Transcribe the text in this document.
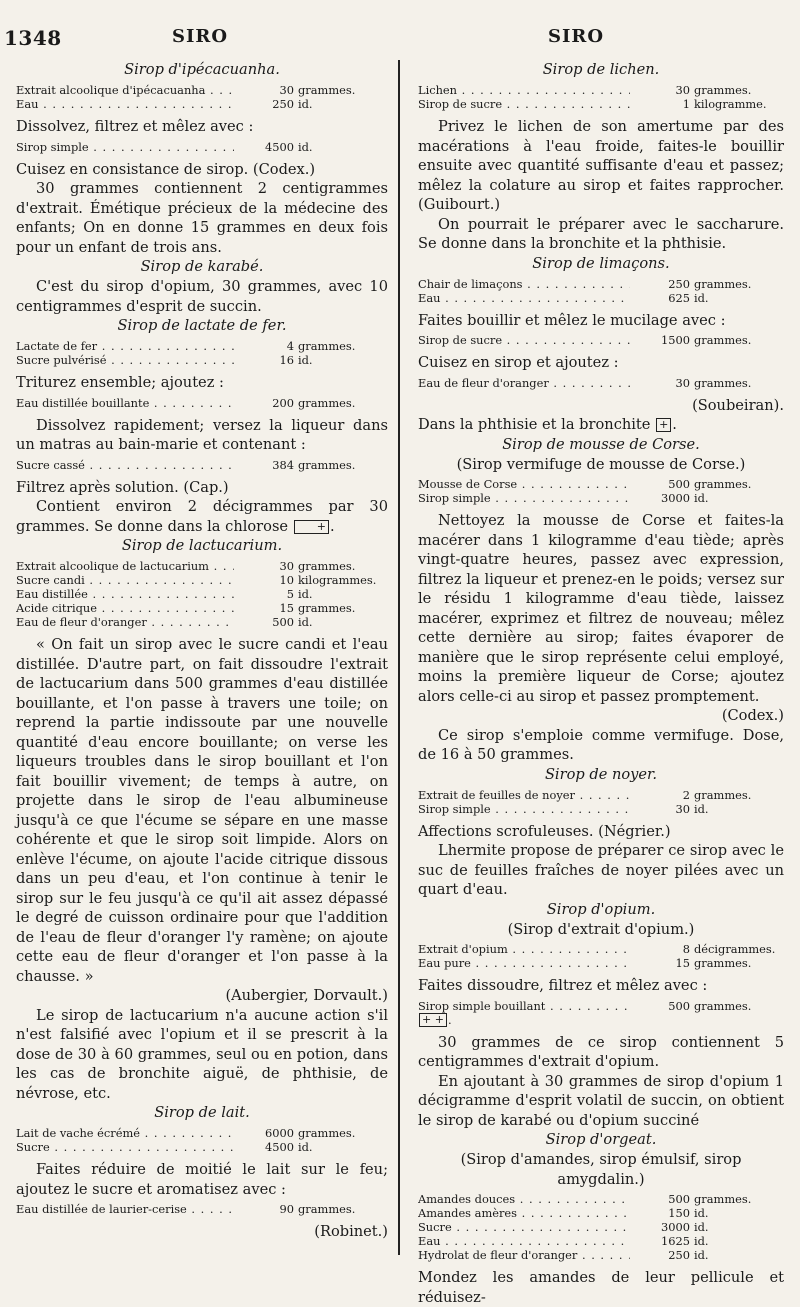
1348	SIRO	SIRO
Sirop d'ipécacuanha.
Extrait alcoolique d'ipécacuanha . . .	30 grammes.
Eau . . .	250 id.

Dissolvez, filtrez et mêlez avec :

Sirop simple . . .	4500 id.

Cuisez en consistance de sirop. (Codex.)

30 grammes contiennent 2 centigrammes d'extrait. Émétique précieux de la médecine des enfants; On en donne 15 grammes en deux fois pour un enfant de trois ans.

Sirop de karabé.

C'est du sirop d'opium, 30 grammes, avec 10 centigrammes d'esprit de succin.

Sirop de lactate de fer.
Lactate de fer . . .	4 grammes.
Sucre pulvérisé . . .	16 id.

Triturez ensemble; ajoutez :

Eau distillée bouillante . . .	200 grammes.

Dissolvez rapidement; versez la liqueur dans un matras au bain-marie et contenant :

Sucre cassé . . .	384 grammes.

Filtrez après solution. (Cap.)

Contient environ 2 décigrammes par 30 grammes. Se donne dans la chlorose	+ .

Sirop de lactucarium.
Extrait alcoolique de lactucarium . . .	30 grammes.
Sucre candi . . .	10 kilogrammes.
Eau distillée . . .	5 id.
Acide citrique . . .	15 grammes.
Eau de fleur d'oranger . . .	500 id.

« On fait un sirop avec le sucre candi et l'eau distillée. D'autre part, on fait dissoudre l'extrait de lactucarium dans 500 grammes d'eau distillée bouillante, et l'on passe à travers une toile; on reprend la partie indissoute par une nouvelle quantité d'eau encore bouillante; on verse les liqueurs troubles dans le sirop bouillant et l'on fait bouillir vivement; de temps à autre, on projette dans le sirop de l'eau albumineuse jusqu'à ce que l'écume se sépare en une masse cohérente et que le sirop soit limpide. Alors on enlève l'écume, on ajoute l'acide citrique dissous dans un peu d'eau, et l'on continue à tenir le sirop sur le feu jusqu'à ce qu'il ait assez dépassé le degré de cuisson ordinaire pour que l'addition de l'eau de fleur d'oranger l'y ramène; on ajoute cette eau de fleur d'oranger et l'on passe à la chausse. »

(Aubergier, Dorvault.)

Le sirop de lactucarium n'a aucune action s'il n'est falsifié avec l'opium et il se prescrit à la dose de 30 à 60 grammes, seul ou en potion, dans les cas de bronchite aiguë, de phthisie, de névrose, etc.

Sirop de lait.
Lait de vache écrémé . . .	6000 grammes.
Sucre . . .	4500 id.

Faites réduire de moitié le lait sur le feu; ajoutez le sucre et aromatisez avec :

Eau distillée de laurier-cerise . . .	90 grammes.
(Robinet.)
Sirop de lichen.
Lichen . . .	30 grammes.
Sirop de sucre . . .	1 kilogramme.

Privez le lichen de son amertume par des macérations à l'eau froide, faites-le bouillir ensuite avec quantité suffisante d'eau et passez; mêlez la colature au sirop et faites rapprocher. (Guibourt.)

On pourrait le préparer avec le saccharure. Se donne dans la bronchite et la phthisie.

Sirop de limaçons.
Chair de limaçons . . .	250 grammes.
Eau . . .	625 id.

Faites bouillir et mêlez le mucilage avec :

Sirop de sucre . . .	1500 grammes.

Cuisez en sirop et ajoutez :

Eau de fleur d'oranger . . .	30 grammes.
(Soubeiran).

Dans la phthisie et la bronchite + .

Sirop de mousse de Corse.
(Sirop vermifuge de mousse de Corse.)
Mousse de Corse . . .	500 grammes.
Sirop simple . . .	3000 id.

Nettoyez la mousse de Corse et faites-la macérer dans 1 kilogramme d'eau tiède; après vingt-quatre heures, passez avec expression, filtrez la liqueur et prenez-en le poids; versez sur le résidu 1 kilogramme d'eau tiède, laissez macérer, exprimez et filtrez de nouveau; mêlez cette dernière au sirop; faites évaporer de manière que le sirop représente celui employé, moins la première liqueur de Corse; ajoutez alors celle-ci au sirop et passez promptement.

(Codex.)

Ce sirop s'emploie comme vermifuge. Dose, de 16 à 50 grammes.

Sirop de noyer.
Extrait de feuilles de noyer . . .	2 grammes.
Sirop simple . . .	30 id.

Affections scrofuleuses. (Négrier.)

Lhermite propose de préparer ce sirop avec le suc de feuilles fraîches de noyer pilées avec un quart d'eau.

Sirop d'opium.
(Sirop d'extrait d'opium.)
Extrait d'opium . . .	8 décigrammes.
Eau pure . . .	15 grammes.

Faites dissoudre, filtrez et mêlez avec :

Sirop simple bouillant . . .	500 grammes.
+ + .

30 grammes de ce sirop contiennent 5 centigrammes d'extrait d'opium.

En ajoutant à 30 grammes de sirop d'opium 1 décigramme d'esprit volatil de succin, on obtient le sirop de karabé ou d'opium succiné

Sirop d'orgeat.
(Sirop d'amandes, sirop émulsif, sirop amygdalin.)
Amandes douces . . .	500 grammes.
Amandes amères . . .	150 id.
Sucre . . .	3000 id.
Eau . . .	1625 id.
Hydrolat de fleur d'oranger . . .	250 id.

Mondez les amandes de leur pellicule et réduisez-
